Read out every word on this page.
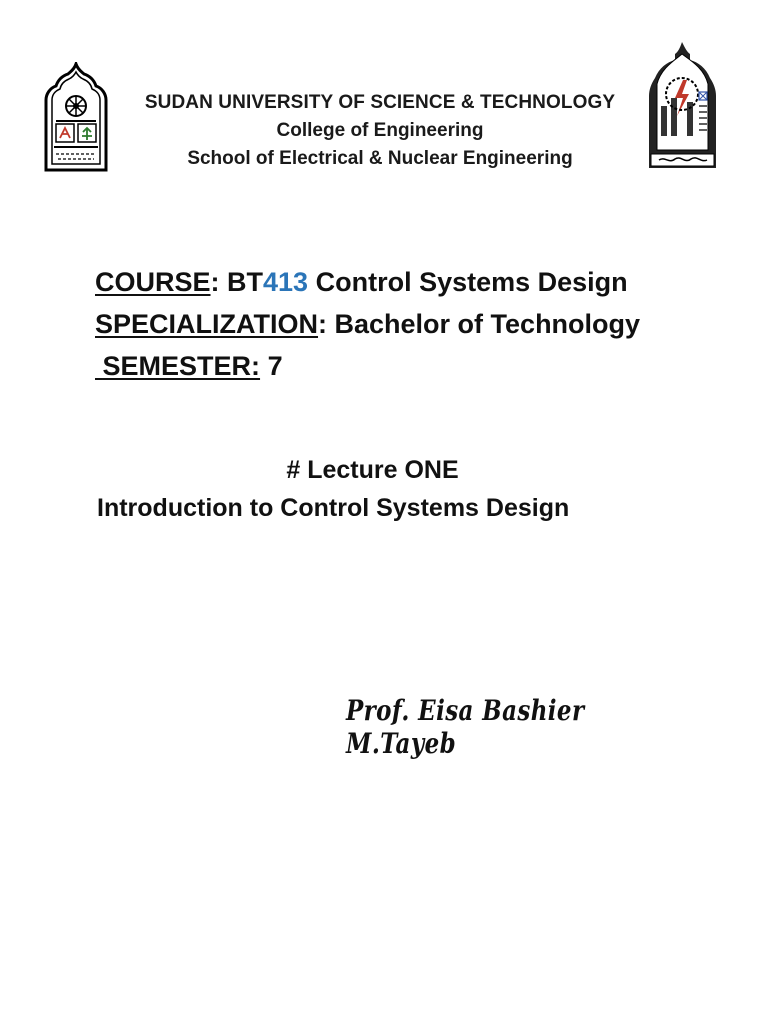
SUDAN UNIVERSITY OF SCIENCE & TECHNOLOGY
College of Engineering
School of Electrical & Nuclear Engineering
COURSE: BT413 Control Systems Design
SPECIALIZATION: Bachelor of Technology
SEMESTER: 7
# Lecture ONE
Introduction to Control Systems Design
Prof. Eisa Bashier M.Tayeb
